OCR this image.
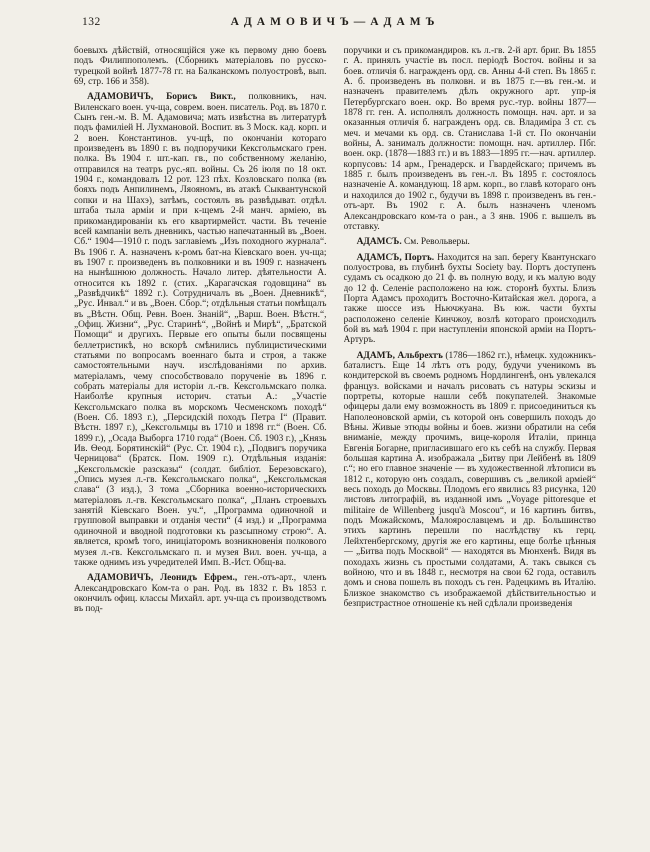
132	АДАМОВИЧЪ—АДАМЪ

боевыхъ дѣйствій, относящійся уже къ первому дню боевъ подъ Филиппополемъ. (Сборникъ матеріаловъ по русско-турецкой войнѣ 1877-78 гг. на Балканскомъ полуостровѣ, вып. 69, стр. 166 и 358).

АДАМОВИЧЪ, Борисъ Викт., полковникъ, нач. Виленскаго воен. уч-ща, соврем. воен. писатель. Род. въ 1870 г. Сынъ ген.-м. В. М. Адамовича; мать извѣстна въ литературѣ подъ фамиліей Н. Лухмановой. Воспит. въ 3 Моск. кад. корп. и 2 воен. Константинов. уч-щѣ, по окончаніи котораго произведенъ въ 1890 г. въ подпоручики Кексгольмскаго грен. полка. Въ 1904 г. шт.-кап. гв., по собственному желанію, отправился на театръ рус.-яп. войны. Съ 26 іюля по 18 окт. 1904 г., командовалъ 12 рот. 123 пѣх. Козловскаго полка (въ бояхъ подъ Анпилинемъ, Ляояномъ, въ атакѣ Сыквантунской сопки и на Шахэ), затѣмъ, состоялъ въ развѣдыват. отдѣл. штаба тыла арміи и при к-щемъ 2-й манч. арміею, въ прикомандированіи къ его квартирмейст. части. Въ теченіе всей кампаніи велъ дневникъ, частью напечатанный въ „Воен. Сб.“ 1904—1910 г. подъ заглавіемъ „Изъ походного журнала“. Въ 1906 г. А. назначенъ к-ромъ бат-на Кіевскаго воен. уч-ща; въ 1907 г. произведенъ въ полковники и въ 1909 г. назначенъ на нынѣшнюю должность. Начало литер. дѣятельности А. относится къ 1892 г. (стих. „Карагачская годовщина“ въ „Развѣдчикѣ“ 1892 г.). Сотрудничалъ въ „Воен. Дневникѣ“, „Рус. Инвал.“ и въ „Воен. Сбор.“; отдѣльныя статьи помѣщалъ въ „Вѣстн. Общ. Ревн. Воен. Знаній“, „Варш. Воен. Вѣстн.“, „Офиц. Жизни“, „Рус. Старинѣ“, „Войнѣ и Мирѣ“, „Братской Помощи“ и другихъ. Первые его опыты были посвящены беллетристикѣ, но вскорѣ смѣнились публицистическими статьями по вопросамъ военнаго быта и строя, а также самостоятельными науч. изслѣдованіями по архив. матеріаламъ, чему способствовало порученіе въ 1896 г. собрать матеріалы для исторіи л.-гв. Кексгольмскаго полка. Наиболѣе крупныя историч. статьи А.: „Участіе Кексгольмскаго полка въ морскомъ Чесменскомъ походѣ“ (Воен. Сб. 1893 г.), „Персидскій походъ Петра I“ (Правит. Вѣстн. 1897 г.), „Кексгольмцы въ 1710 и 1898 гг.“ (Воен. Сб. 1899 г.), „Осада Выборга 1710 года“ (Воен. Сб. 1903 г.), „Князь Ив. Ѳеод. Борятинскій“ (Рус. Ст. 1904 г.), „Подвигъ поручика Черницова“ (Братск. Пом. 1909 г.). Отдѣльныя изданія: „Кексгольмскіе разсказы“ (солдат. библіот. Березовскаго), „Опись музея л.-гв. Кексгольмскаго полка“, „Кексгольмская слава“ (3 изд.), 3 тома „Сборника военно-историческихъ матеріаловъ л.-гв. Кексгольмскаго полка“, „Планъ строевыхъ занятій Кіевскаго Воен. уч.“, „Программа одиночной и групповой выправки и отданія чести“ (4 изд.) и „Программа одиночной и вводной подготовки къ разсыпному строю“. А. является, кромѣ того, иниціаторомъ возникновенія полкового музея л.-гв. Кексгольмскаго п. и музея Вил. воен. уч-ща, а также однимъ изъ учредителей Имп. В.-Ист. Общ-ва.

АДАМОВИЧЪ, Леонидъ Ефрем., ген.-отъ-арт., членъ Александровскаго Ком-та о ран. Род. въ 1832 г. Въ 1853 г. окончилъ офиц. классы Михайл. арт. уч-ща съ производствомъ въ под-

поручики и съ прикомандиров. къ л.-гв. 2-й арт. бриг. Въ 1855 г. А. принялъ участіе въ посл. періодѣ Восточ. войны и за боев. отличія б. награжденъ орд. св. Анны 4-й степ. Въ 1865 г. А. б. произведенъ въ полковн. и въ 1875 г.—въ ген.-м. и назначенъ правителемъ дѣлъ окружного арт. упр-ія Петербургскаго воен. окр. Во время рус.-тур. войны 1877—1878 гг. ген. А. исполнялъ должность помощн. нач. арт. и за оказанныя отличія б. награжденъ орд. св. Владиміра 3 ст. съ меч. и мечами къ орд. св. Станислава 1-й ст. По окончаніи войны, А. занималъ должности: помощн. нач. артиллер. Пбг. воен. окр. (1878—1883 гг.) и въ 1883—1895 гг.—нач. артиллер. корпусовъ: 14 арм., Гренадерск. и Гвардейскаго; причемъ въ 1885 г. былъ произведенъ въ ген.-л. Въ 1895 г. состоялось назначеніе А. командующ. 18 арм. корп., во главѣ котораго онъ и находился до 1902 г., будучи въ 1898 г. произведенъ въ ген.-отъ-арт. Въ 1902 г. А. былъ назначенъ членомъ Александровскаго ком-та о ран., а 3 янв. 1906 г. вышелъ въ отставку.

АДАМСЪ. См. Револьверы.

АДАМСЪ, Портъ. Находится на зап. берегу Квантунскаго полуострова, въ глубинѣ бухты Society bay. Портъ доступенъ судамъ съ осадкою до 21 ф. въ полную воду, и къ малую воду до 12 ф. Селеніе расположено на юж. сторонѣ бухты. Близъ Порта Адамсъ проходитъ Восточно-Китайская жел. дорога, а также шоссе изъ Ньючжуана. Въ юж. части бухты расположено селеніе Кинчжоу, возлѣ котораго происходилъ бой въ маѣ 1904 г. при наступленіи японской арміи на Портъ-Артуръ.

АДАМЪ, Альбрехтъ (1786—1862 гг.), нѣмецк. художникъ-баталистъ. Еще 14 лѣтъ отъ роду, будучи ученикомъ въ кондитерской въ своемъ родномъ Нордлингенѣ, онъ увлекался француз. войсками и началъ рисовать съ натуры эскизы и портреты, которые нашли себѣ покупателей. Знакомые офицеры дали ему возможность въ 1809 г. присоединиться къ Наполеоновской арміи, съ которой онъ совершилъ походъ до Вѣны. Живые этюды войны и боев. жизни обратили на себя вниманіе, между прочимъ, вице-короля Италіи, принца Евгенія Богарне, пригласившаго его къ себѣ на службу. Первая большая картина А. изображала „Битву при Лейбенѣ въ 1809 г.“; но его главное значеніе — въ художественной лѣтописи въ 1812 г., которую онъ создалъ, совершивъ съ „великой арміей“ весь походъ до Москвы. Плодомъ его явились 83 рисунка, 120 листовъ литографій, въ изданной имъ „Voyage pittoresque et militaire de Willenberg jusqu'à Moscou“, и 16 картинъ битвъ, подъ Можайскомъ, Малоярославцемъ и др. Большинство этихъ картинъ перешли по наслѣдству къ герц. Лейхтенбергскому, другія же его картины, еще болѣе цѣнныя — „Битва подъ Москвой“ — находятся въ Мюнхенѣ. Видя въ походахъ жизнь съ простыми солдатами, А. такъ свыкся съ войною, что и въ 1848 г., несмотря на свои 62 года, оставилъ домъ и снова пошелъ въ походъ съ ген. Радецкимъ въ Италію. Близкое знакомство съ изображаемой дѣйствительностью и безпристрастное отношеніе къ ней сдѣлали произведенія
